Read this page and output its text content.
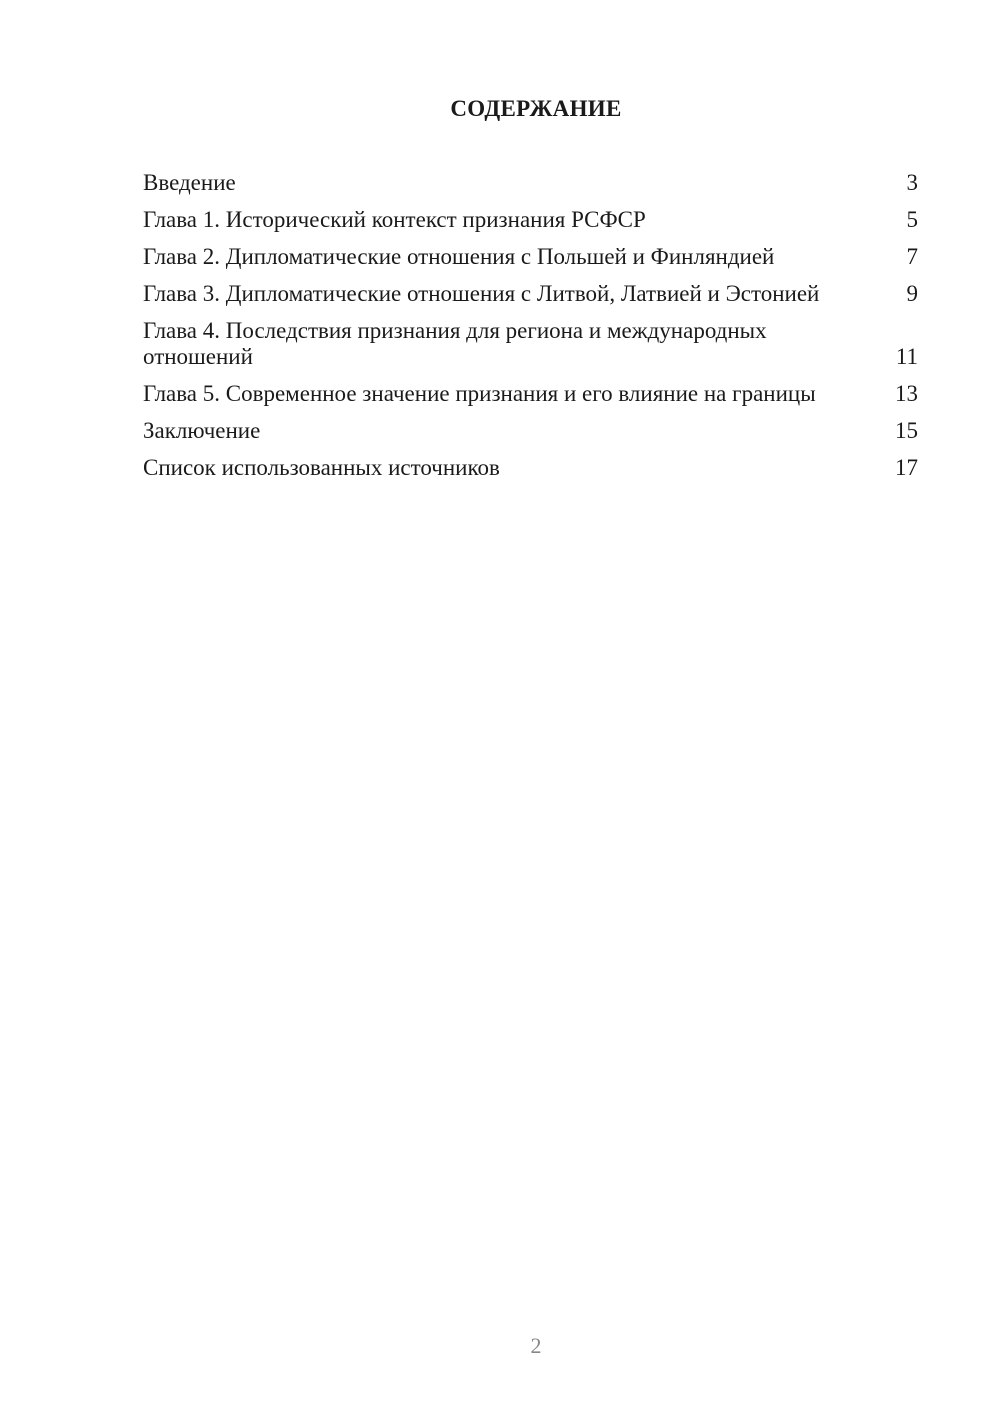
СОДЕРЖАНИЕ
Введение	3
Глава 1. Исторический контекст признания РСФСР	5
Глава 2. Дипломатические отношения с Польшей и Финляндией	7
Глава 3. Дипломатические отношения с Литвой, Латвией и Эстонией	9
Глава 4. Последствия признания для региона и международных отношений	11
Глава 5. Современное значение признания и его влияние на границы	13
Заключение	15
Список использованных источников	17
2
